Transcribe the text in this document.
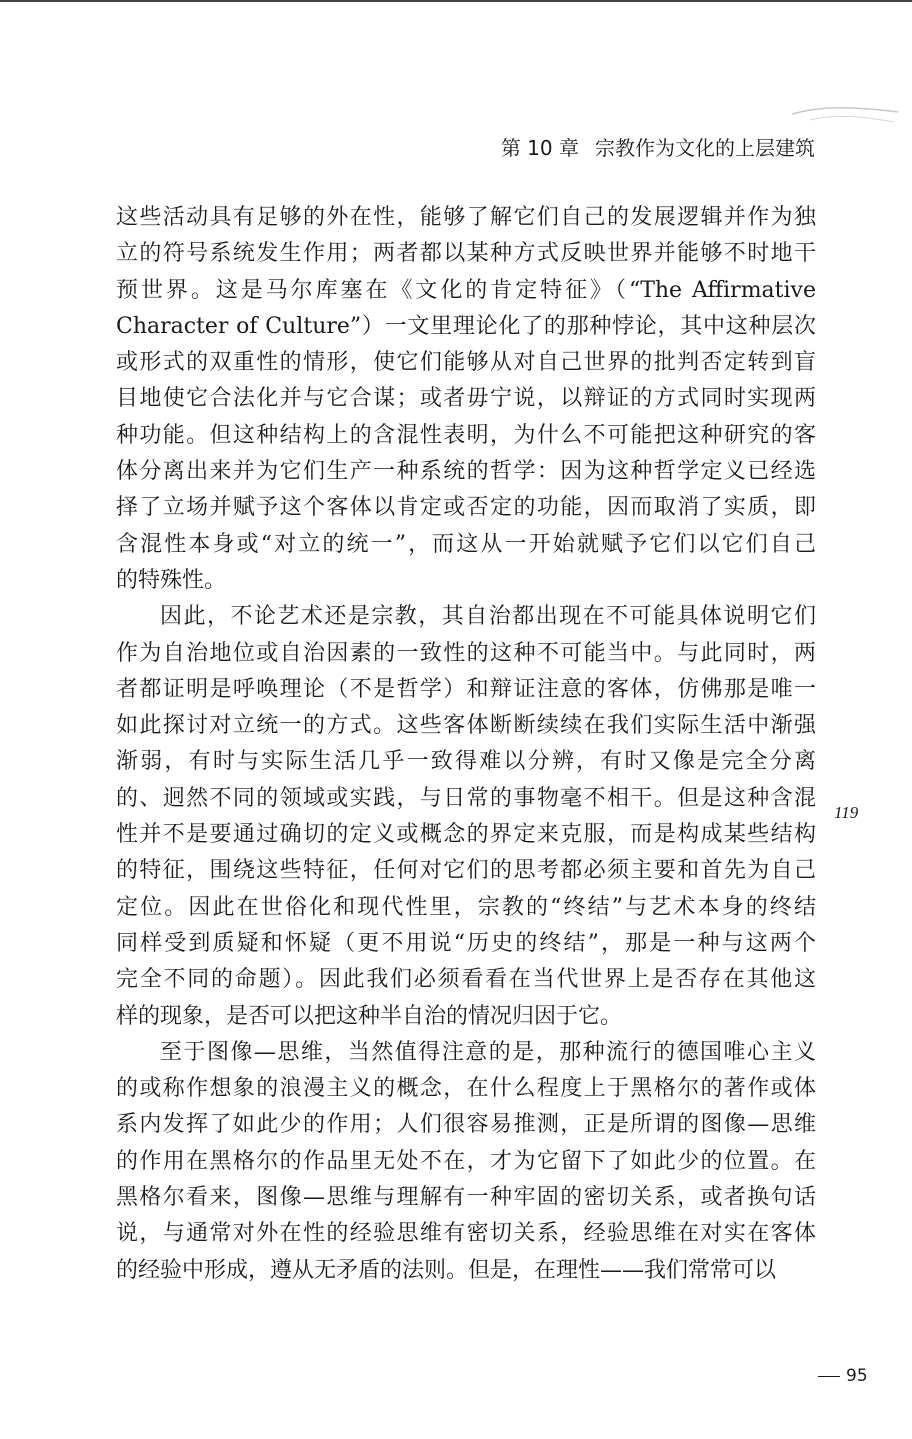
第 10 章 宗教作为文化的上层建筑
这些活动具有足够的外在性，能够了解它们自己的发展逻辑并作为独
立的符号系统发生作用；两者都以某种方式反映世界并能够不时地干
预世界。这是马尔库塞在《文化的肯定特征》（“The Affirmative
Character of Culture”）一文里理论化了的那种悖论，其中这种层次
或形式的双重性的情形，使它们能够从对自己世界的批判否定转到盲
目地使它合法化并与它合谋；或者毋宁说，以辩证的方式同时实现两
种功能。但这种结构上的含混性表明，为什么不可能把这种研究的客
体分离出来并为它们生产一种系统的哲学：因为这种哲学定义已经选
择了立场并赋予这个客体以肯定或否定的功能，因而取消了实质，即
含混性本身或“对立的统一”，而这从一开始就赋予它们以它们自己
的特殊性。
因此，不论艺术还是宗教，其自治都出现在不可能具体说明它们
作为自治地位或自治因素的一致性的这种不可能当中。与此同时，两
者都证明是呼唤理论（不是哲学）和辩证注意的客体，仿佛那是唯一
如此探讨对立统一的方式。这些客体断断续续在我们实际生活中渐强
渐弱，有时与实际生活几乎一致得难以分辨，有时又像是完全分离
的、迥然不同的领域或实践，与日常的事物毫不相干。但是这种含混
性并不是要通过确切的定义或概念的界定来克服，而是构成某些结构
的特征，围绕这些特征，任何对它们的思考都必须主要和首先为自己
定位。因此在世俗化和现代性里，宗教的“终结”与艺术本身的终结
同样受到质疑和怀疑（更不用说“历史的终结”，那是一种与这两个
完全不同的命题）。因此我们必须看看在当代世界上是否存在其他这
样的现象，是否可以把这种半自治的情况归因于它。
至于图像—思维，当然值得注意的是，那种流行的德国唯心主义
的或称作想象的浪漫主义的概念，在什么程度上于黑格尔的著作或体
系内发挥了如此少的作用；人们很容易推测，正是所谓的图像—思维
的作用在黑格尔的作品里无处不在，才为它留下了如此少的位置。在
黑格尔看来，图像—思维与理解有一种牢固的密切关系，或者换句话
说，与通常对外在性的经验思维有密切关系，经验思维在对实在客体
的经验中形成，遵从无矛盾的法则。但是，在理性——我们常常可以
119
95
